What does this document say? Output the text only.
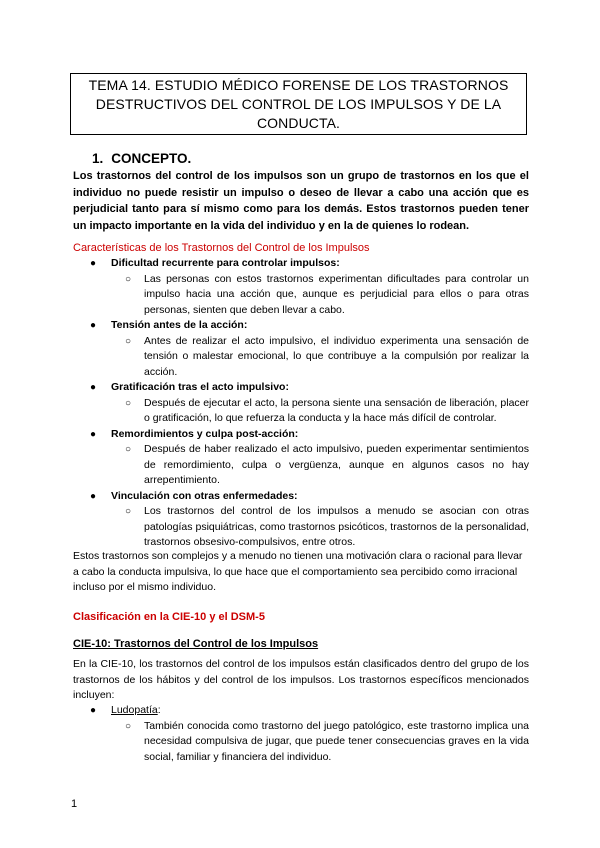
TEMA 14. ESTUDIO MÉDICO FORENSE DE LOS TRASTORNOS DESTRUCTIVOS DEL CONTROL DE LOS IMPULSOS Y DE LA CONDUCTA.
1. CONCEPTO.
Los trastornos del control de los impulsos son un grupo de trastornos en los que el individuo no puede resistir un impulso o deseo de llevar a cabo una acción que es perjudicial tanto para sí mismo como para los demás. Estos trastornos pueden tener un impacto importante en la vida del individuo y en la de quienes lo rodean.
Características de los Trastornos del Control de los Impulsos
● Dificultad recurrente para controlar impulsos:
○ Las personas con estos trastornos experimentan dificultades para controlar un impulso hacia una acción que, aunque es perjudicial para ellos o para otras personas, sienten que deben llevar a cabo.
● Tensión antes de la acción:
○ Antes de realizar el acto impulsivo, el individuo experimenta una sensación de tensión o malestar emocional, lo que contribuye a la compulsión por realizar la acción.
● Gratificación tras el acto impulsivo:
○ Después de ejecutar el acto, la persona siente una sensación de liberación, placer o gratificación, lo que refuerza la conducta y la hace más difícil de controlar.
● Remordimientos y culpa post-acción:
○ Después de haber realizado el acto impulsivo, pueden experimentar sentimientos de remordimiento, culpa o vergüenza, aunque en algunos casos no hay arrepentimiento.
● Vinculación con otras enfermedades:
○ Los trastornos del control de los impulsos a menudo se asocian con otras patologías psiquiátricas, como trastornos psicóticos, trastornos de la personalidad, trastornos obsesivo-compulsivos, entre otros.
Estos trastornos son complejos y a menudo no tienen una motivación clara o racional para llevar a cabo la conducta impulsiva, lo que hace que el comportamiento sea percibido como irracional incluso por el mismo individuo.
Clasificación en la CIE-10 y el DSM-5
CIE-10: Trastornos del Control de los Impulsos
En la CIE-10, los trastornos del control de los impulsos están clasificados dentro del grupo de los trastornos de los hábitos y del control de los impulsos. Los trastornos específicos mencionados incluyen:
● Ludopatía:
○ También conocida como trastorno del juego patológico, este trastorno implica una necesidad compulsiva de jugar, que puede tener consecuencias graves en la vida social, familiar y financiera del individuo.
1
